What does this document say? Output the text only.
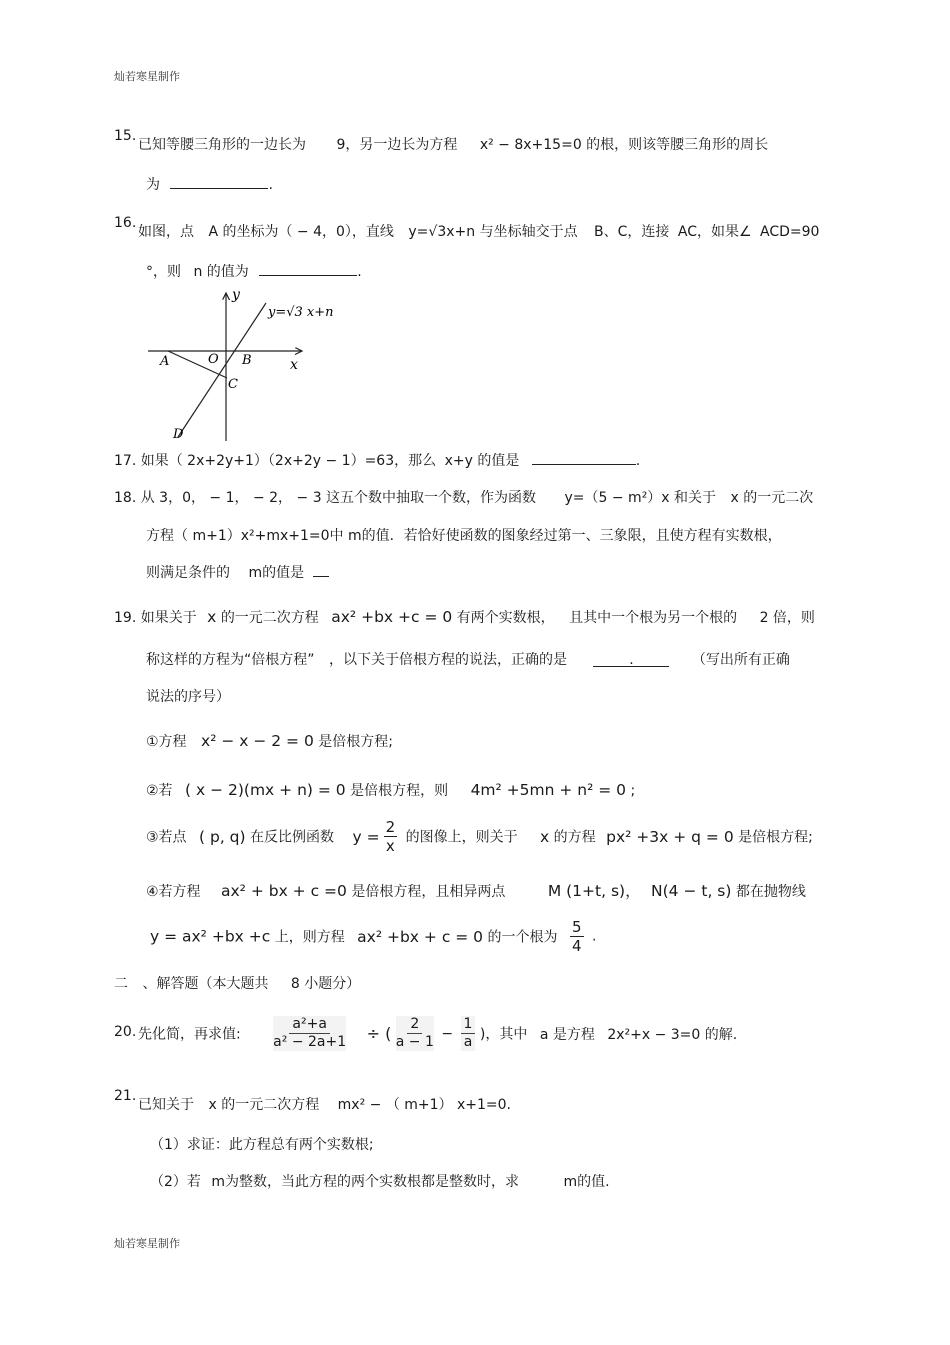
灿若寒星制作
15.
已知等腰三角形的一边长为 9，另一边长为方程 x² − 8x+15=0 的根，则该等腰三角形的周长
为	.
16.
如图，点 A 的坐标为（ − 4，0），直线 y=√3x+n 与坐标轴交于点 B、C，连接 AC，如果∠ ACD=90
°，则 n 的值为	.
y
x
y=√3 x+n
A	O B
C
D
17. 如果（ 2x+2y+1）（2x+2y − 1）=63，那么 x+y 的值是	.
18. 从 3，0， − 1， − 2， − 3 这五个数中抽取一个数，作为函数 y=（5 − m²）x 和关于 x 的一元二次
方程（ m+1）x²+mx+1=0中 m的值．若恰好使函数的图象经过第一、三象限，且使方程有实数根，
则满足条件的 m的值是
19. 如果关于 x 的一元二次方程 ax² +bx +c = 0 有两个实数根， 且其中一个根为另一个根的 2 倍，则
称这样的方程为“倍根方程” ，以下关于倍根方程的说法，正确的是	.	（写出所有正确
说法的序号）
①方程 x² − x − 2 = 0 是倍根方程;
②若 ( x − 2)(mx + n) = 0 是倍根方程，则 4m² +5mn + n² = 0 ;
③若点 ( p, q) 在反比例函数 $y = \frac{2}{x}$ 的图像上，则关于 x 的方程 px² +3x + q = 0 是倍根方程;
④若方程 ax² + bx + c =0 是倍根方程，且相异两点	M (1+t, s)， N(4 − t, s) 都在抛物线
y = ax² +bx +c 上，则方程 ax² +bx + c = 0 的一个根为 $\frac{5}{4}$ .
二 、解答题（本大题共 8 小题分）
20. 先化简，再求值: $\frac{\text{a²+a}}{\text{a² − 2a+1}}$ ÷ ( $\frac{2}{a - 1} - \frac{1}{a}$ )，其中 a 是方程 2x²+x − 3=0 的解.
21.
已知关于 x 的一元二次方程 mx² − （ m+1） x+1=0.
（1）求证：此方程总有两个实数根;
（2）若 m为整数，当此方程的两个实数根都是整数时，求	m的值.
灿若寒星制作
